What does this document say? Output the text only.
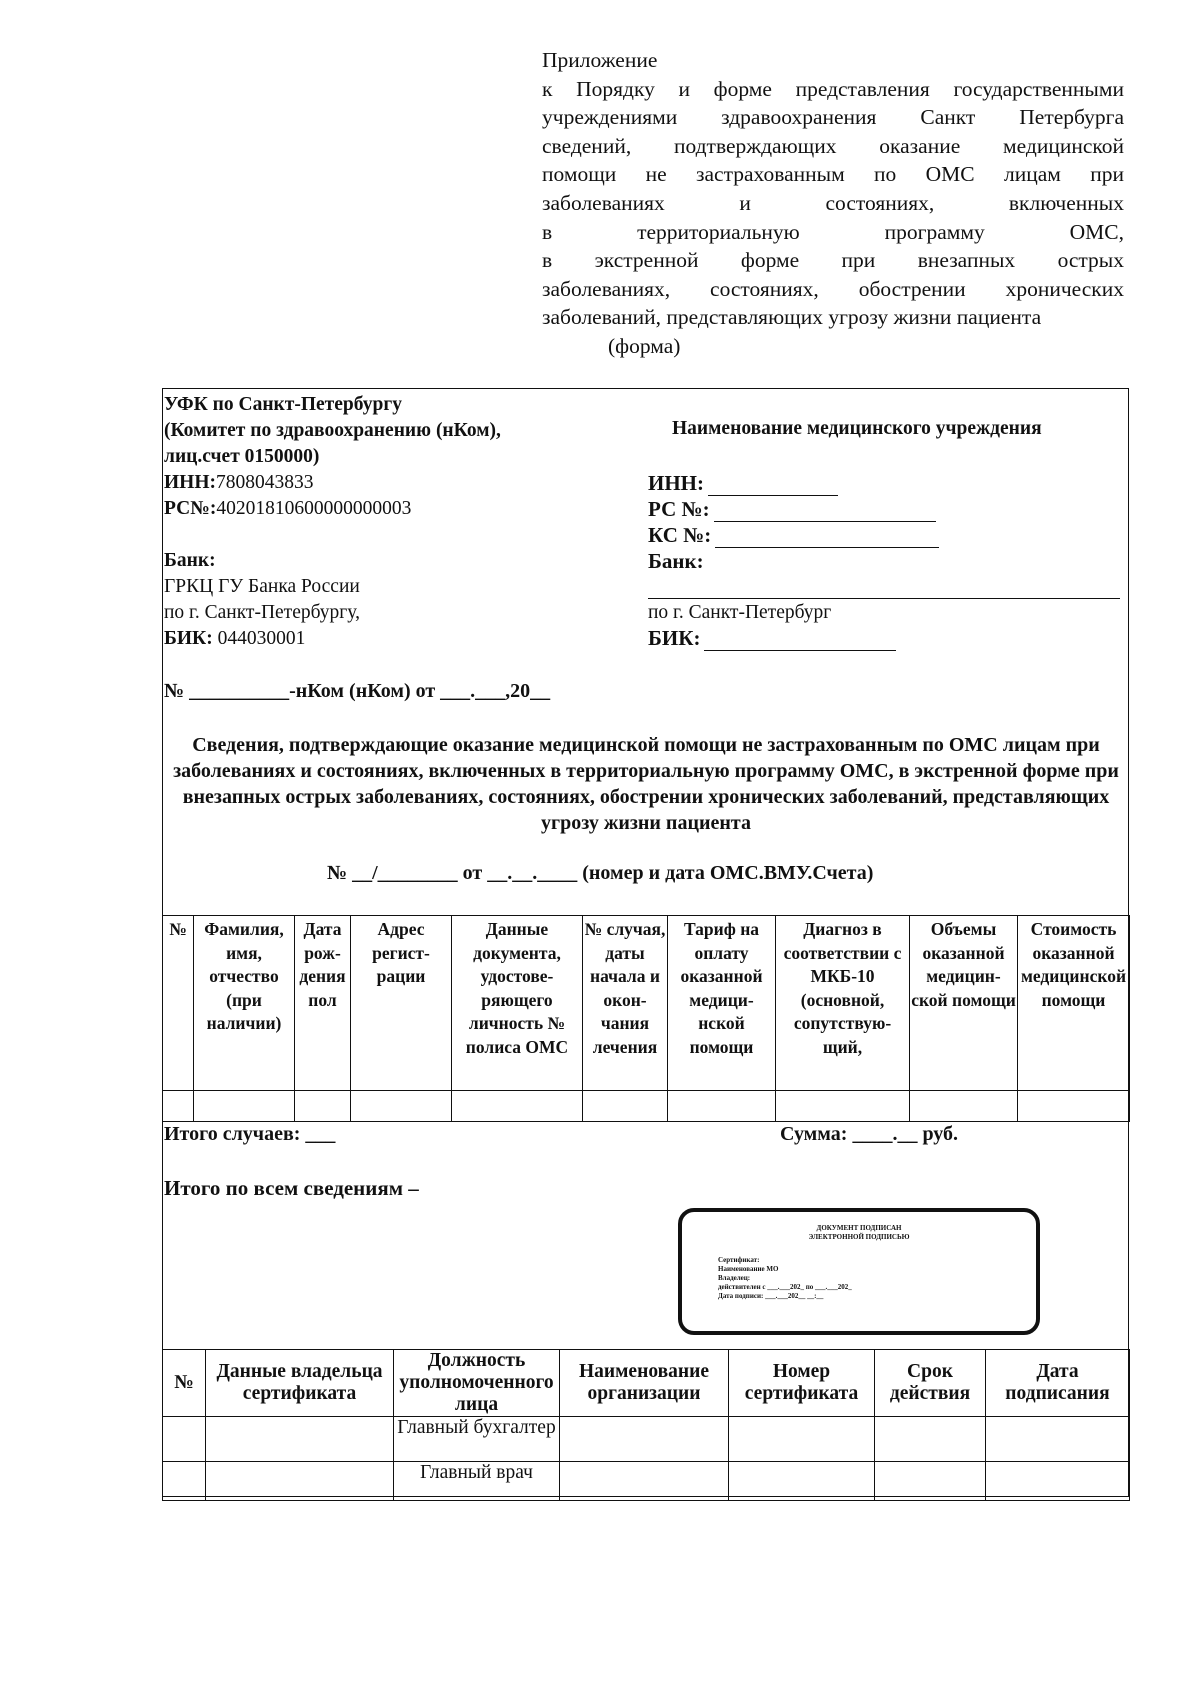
Приложение
к Порядку и форме представления государственными
учреждениями здравоохранения Санкт Петербурга
сведений, подтверждающих оказание медицинской
помощи не застрахованным по ОМС лицам при
заболеваниях и состояниях, включенных
в территориальную программу ОМС,
в экстренной форме при внезапных острых
заболеваниях, состояниях, обострении хронических
заболеваний, представляющих угрозу жизни пациента
(форма)
УФК по Санкт-Петербургу
(Комитет по здравоохранению (нКом),
лиц.счет 0150000)
ИНН:7808043833
РС№:40201810600000000003
Банк:
ГРКЦ ГУ Банка России
по г. Санкт-Петербургу,
БИК: 044030001
Наименование медицинского учреждения
ИНН:
РС №:
КС №:
Банк:
по г. Санкт-Петербург
БИК:
№ __________-нКом (нКом) от ___.___,20__
Сведения, подтверждающие оказание медицинской помощи не застрахованным по ОМС лицам при заболеваниях и состояниях, включенных в территориальную программу ОМС, в экстренной форме при внезапных острых заболеваниях, состояниях, обострении хронических заболеваний, представляющих угрозу жизни пациента
№ __/________ от __.__.____ (номер и дата ОМС.ВМУ.Счета)
№	Фамилия, имя, отчество (при наличии)	Дата рож-дения пол	Адрес регист-рации	Данные документа, удостове-ряющего личность № полиса ОМС	№ случая, даты начала и окон-чания лечения	Тариф на оплату оказанной медици-нской помощи	Диагноз в соответствии с МКБ-10 (основной, сопутствую-щий,	Объемы оказанной медицин-ской помощи	Стоимость оказанной медицинской помощи

Итого случаев: ___	Сумма: ____.__ руб.
Итого по всем сведениям –
ДОКУМЕНТ ПОДПИСАН
ЭЛЕКТРОННОЙ ПОДПИСЬЮ
Сертификат:
Наименование МО
Владелец:
действителен с ___.___202_ по ___.___202_
Дата подписи: ___.___202__ __:__
№	Данные владельца сертификата	Должность уполномоченного лица	Наименование организации	Номер сертификата	Срок действия	Дата подписания
		Главный бухгалтер				
		Главный врач				
